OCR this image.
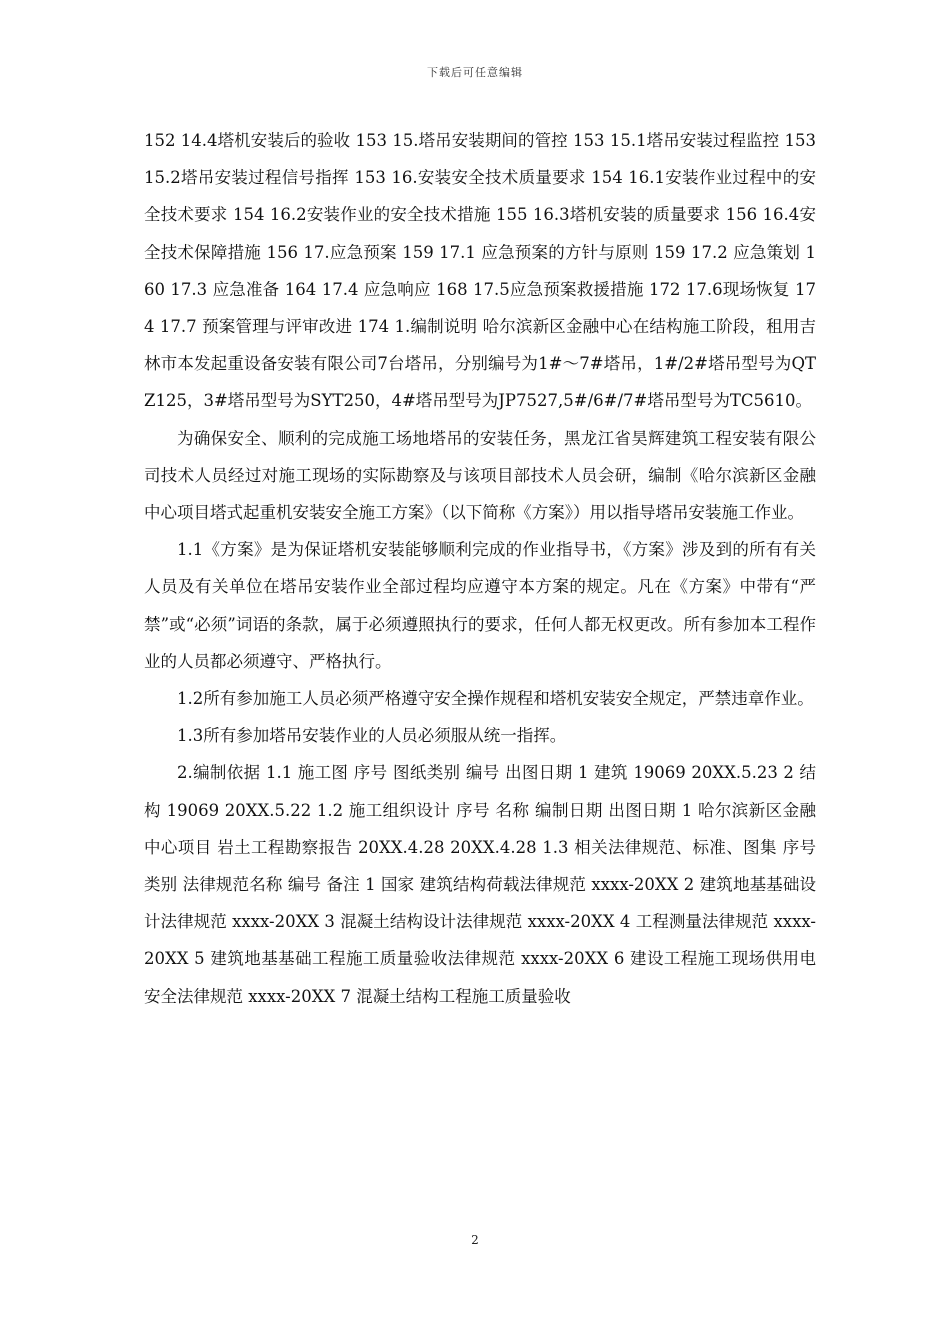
下载后可任意编辑

152 14.4塔机安装后的验收 153 15.塔吊安装期间的管控 153 15.1塔吊安装过程监控 153 15.2塔吊安装过程信号指挥 153 16.安装安全技术质量要求 154 16.1安装作业过程中的安全技术要求 154 16.2安装作业的安全技术措施 155 16.3塔机安装的质量要求 156 16.4安全技术保障措施 156 17.应急预案 159 17.1 应急预案的方针与原则 159 17.2 应急策划 160 17.3 应急准备 164 17.4 应急响应 168 17.5应急预案救援措施 172 17.6现场恢复 174 17.7 预案管理与评审改进 174 1.编制说明 哈尔滨新区金融中心在结构施工阶段，租用吉林市本发起重设备安装有限公司7台塔吊，分别编号为1#～7#塔吊，1#/2#塔吊型号为QTZ125，3#塔吊型号为SYT250，4#塔吊型号为JP7527,5#/6#/7#塔吊型号为TC5610。

为确保安全、顺利的完成施工场地塔吊的安装任务，黑龙江省昊辉建筑工程安装有限公司技术人员经过对施工现场的实际勘察及与该项目部技术人员会研，编制《哈尔滨新区金融中心项目塔式起重机安装安全施工方案》（以下简称《方案》）用以指导塔吊安装施工作业。

1.1《方案》是为保证塔机安装能够顺利完成的作业指导书，《方案》涉及到的所有有关人员及有关单位在塔吊安装作业全部过程均应遵守本方案的规定。凡在《方案》中带有“严禁”或“必须”词语的条款，属于必须遵照执行的要求，任何人都无权更改。所有参加本工程作业的人员都必须遵守、严格执行。

1.2所有参加施工人员必须严格遵守安全操作规程和塔机安装安全规定，严禁违章作业。

1.3所有参加塔吊安装作业的人员必须服从统一指挥。

2.编制依据 1.1 施工图 序号 图纸类别 编号 出图日期 1 建筑 19069 20XX.5.23 2 结构 19069 20XX.5.22 1.2 施工组织设计 序号 名称 编制日期 出图日期 1 哈尔滨新区金融中心项目 岩土工程勘察报告 20XX.4.28 20XX.4.28 1.3 相关法律规范、标准、图集 序号 类别 法律规范名称 编号 备注 1 国家 建筑结构荷载法律规范 xxxx-20XX 2 建筑地基基础设计法律规范 xxxx-20XX 3 混凝土结构设计法律规范 xxxx-20XX 4 工程测量法律规范 xxxx-20XX 5 建筑地基基础工程施工质量验收法律规范 xxxx-20XX 6 建设工程施工现场供用电安全法律规范 xxxx-20XX 7 混凝土结构工程施工质量验收

2
